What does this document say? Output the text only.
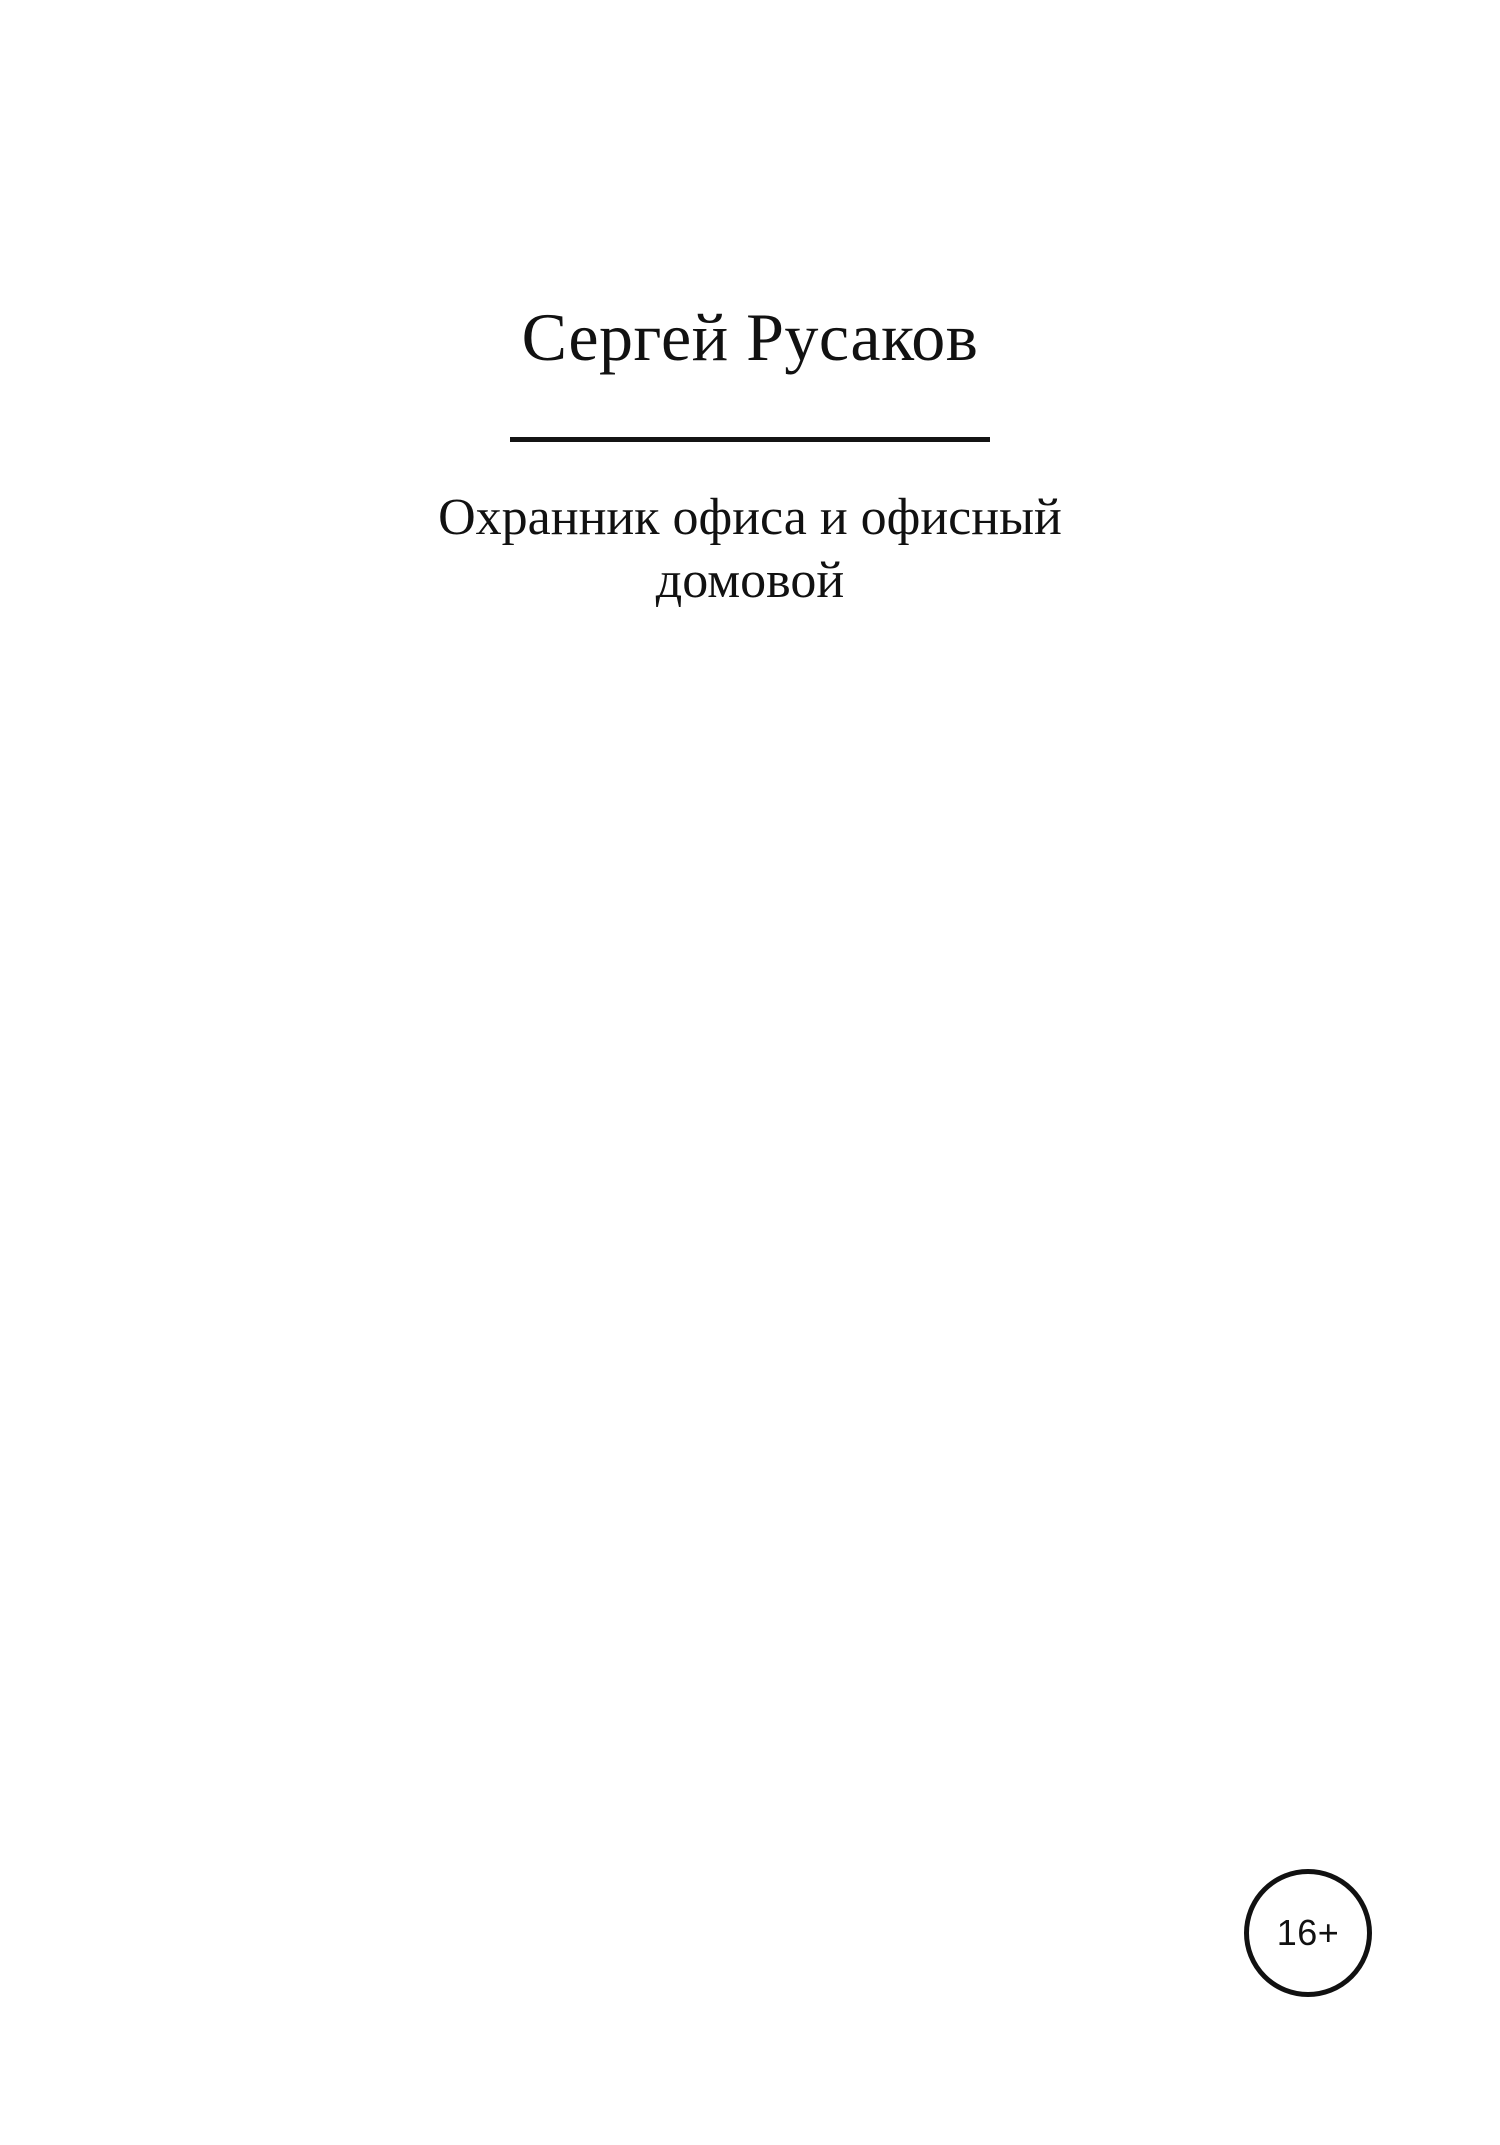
Сергей Русаков
Охранник офиса и офисный домовой
16+
